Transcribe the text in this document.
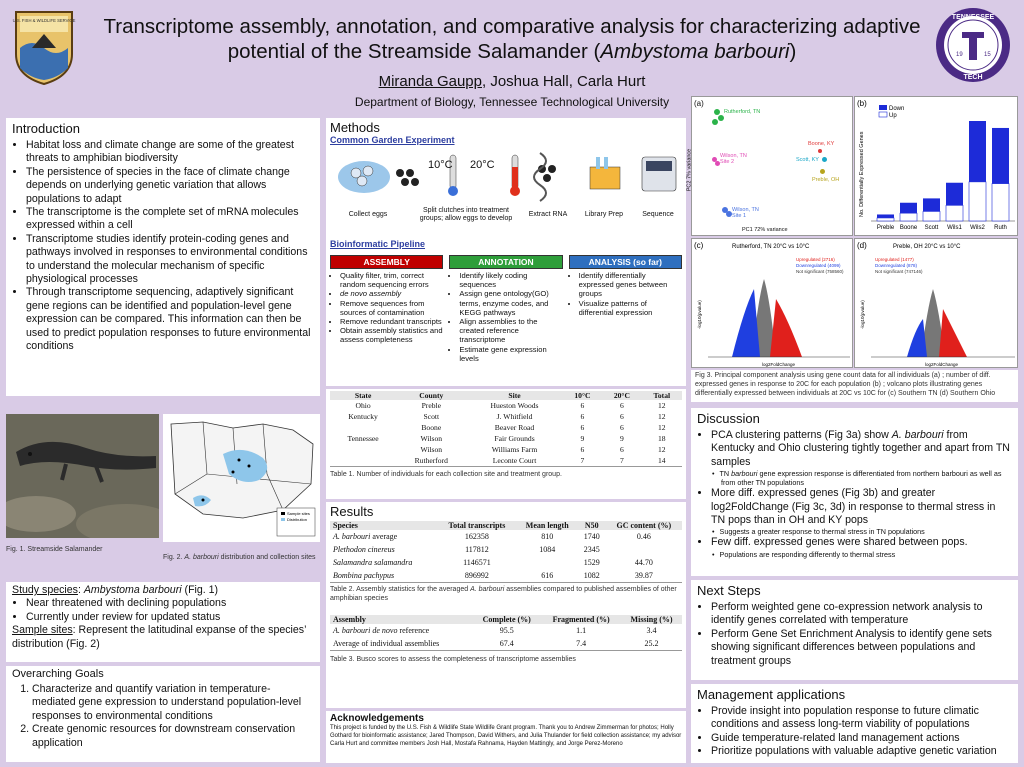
U.S. FISH & WILDLIFE SERVICE	Transcriptome assembly, annotation, and comparative analysis for characterizing adaptive
potential of the Streamside Salamander (Ambystoma barbouri)
Miranda Gaupp, Joshua Hall, Carla Hurt
Department of Biology, Tennessee Technological University
TENNESSEE
TECH
19	15
Introduction
• Habitat loss and climate change are some of the greatest threats to amphibian biodiversity
• The persistence of species in the face of climate change depends on underlying genetic variation that allows populations to adapt
• The transcriptome is the complete set of mRNA molecules expressed within a cell
• Transcriptome studies identify protein-coding genes and pathways involved in responses to environmental conditions to understand the molecular mechanism of specific physiological processes
• Through transcriptome sequencing, adaptively significant gene regions can be identified and population-level gene expression can be compared. This information can then be used to predict population responses to future environmental conditions
Fig. 1. Streamside Salamander
Sample sites
Distribution
Fig. 2. A. barbouri distribution and collection sites
Study species: Ambystoma barbouri (Fig. 1)
• Near threatened with declining populations
• Currently under review for updated status
Sample sites: Represent the latitudinal expanse of the species’ distribution (Fig. 2)
Overarching Goals
1. Characterize and quantify variation in temperature-mediated gene expression to understand population-level responses to environmental conditions
2. Create genomic resources for downstream conservation application
Methods
Common Garden Experiment
10°C 20°C
Collect eggs
Split clutches into treatment groups; allow eggs to develop
Extract RNA	Library Prep	Sequence
Bioinformatic Pipeline
ASSEMBLY
• Quality filter, trim, correct random sequencing errors
• de novo assembly
• Remove sequences from sources of contamination
• Remove redundant transcripts
• Obtain assembly statistics and assess completeness
ANNOTATION
• Identify likely coding sequences
• Assign gene ontology(GO) terms, enzyme codes, and KEGG pathways
• Align assemblies to the created reference transcriptome
• Estimate gene expression levels
ANALYSIS (so far)
• Identify differentially expressed genes between groups
• Visualize patterns of differential expression
State	County	Site	10°C	20°C	Total
Ohio	Preble	Hueston Woods	6	6	12
Kentucky	Scott	J. Whitfield	6	6	12
	Boone	Beaver Road	6	6	12
Tennessee	Wilson	Fair Grounds	9	9	18
	Wilson	Williams Farm	6	6	12
	Rutherford	Leconte Court	7	7	14
Table 1. Number of individuals for each collection site and treatment group.
Results
Species	Total transcripts	Mean length	N50	GC content (%)
A. barbouri average	162358	810	1740	0.46
Plethodon cinereus	117812	1084	2345	
Salamandra salamandra	1146571		1529	44.70
Bombina pachypus	896992	616	1082	39.87
Table 2. Assembly statistics for the averaged A. barbouri assemblies compared to published assemblies of other amphibian species
Assembly	Complete (%)	Fragmented (%)	Missing (%)
A. barbouri de novo reference	95.5	1.1	3.4
Average of individual assemblies	67.4	7.4	25.2
Table 3. Busco scores to assess the completeness of transcriptome assemblies
Acknowledgements
This project is funded by the U.S. Fish & Wildlife State Wildlife Grant program. Thank you to Andrew Zimmerman for photos; Holly Gothard for bioinformatic assistance; Jared Thompson, David Withers, and Julia Thulander for field collection assistance; my advisor Carla Hurt and committee members Josh Hall, Mostafa Rahnama, Hayden Mattingly, and Jorge Perez-Moreno
(a)
Rutherford, TN
Wilson, TN Site 2
Boone, KY
Scott, KY
Preble, OH
Wilson, TN Site 1
PC1 72% variance
PC2 7% variance
(b)
Down
Up
No. Differentially Expressed Genes
Preble Boone Scott Wils1 Wils2 Ruth
(c)	Rutherford, TN 20°C vs 10°C
Upregulated (2716)
Downregulated (4099)
Not significant (758560)
log2FoldChange
-log10(pvalue)
(d)	Preble, OH 20°C vs 10°C
Upregulated (1477)
Downregulated (878)
Not significant (747146)
log2FoldChange
-log10(pvalue)
Fig 3. Principal component analysis using gene count data for all individuals (a) ; number of diff. expressed genes in response to 20C for each population (b) ; volcano plots illustrating genes differentially expressed between individuals at 20C vs 10C for (c) Southern TN (d) Southern Ohio
Discussion
• PCA clustering patterns (Fig 3a) show A. barbouri from Kentucky and Ohio clustering tightly together and apart from TN samples
• TN barbouri gene expression response is differentiated from northern barbouri as well as from other TN populations
• More diff. expressed genes (Fig 3b) and greater log2FoldChange (Fig 3c, 3d) in response to thermal stress in TN pops than in OH and KY pops
• Suggests a greater response to thermal stress in TN populations
• Few diff. expressed genes were shared between pops.
• Populations are responding differently to thermal stress
Next Steps
• Perform weighted gene co-expression network analysis to identify genes correlated with temperature
• Perform Gene Set Enrichment Analysis to identify gene sets showing significant differences between populations and treatment groups
Management applications
• Provide insight into population response to future climatic conditions and assess long-term viability of populations
• Guide temperature-related land management actions
• Prioritize populations with valuable adaptive genetic variation
